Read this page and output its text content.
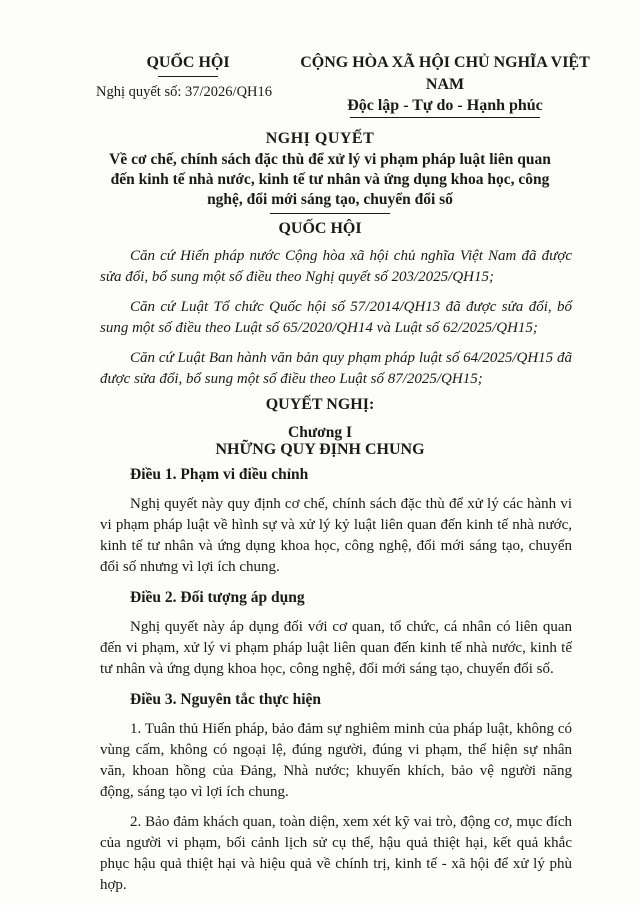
QUỐC HỘI
Nghị quyết số: 37/2026/QH16
CỘNG HÒA XÃ HỘI CHỦ NGHĨA VIỆT NAM
Độc lập - Tự do - Hạnh phúc
NGHỊ QUYẾT
Về cơ chế, chính sách đặc thù để xử lý vi phạm pháp luật liên quan đến kinh tế nhà nước, kinh tế tư nhân và ứng dụng khoa học, công nghệ, đổi mới sáng tạo, chuyển đổi số
QUỐC HỘI

Căn cứ Hiến pháp nước Cộng hòa xã hội chủ nghĩa Việt Nam đã được sửa đổi, bổ sung một số điều theo Nghị quyết số 203/2025/QH15;

Căn cứ Luật Tổ chức Quốc hội số 57/2014/QH13 đã được sửa đổi, bổ sung một số điều theo Luật số 65/2020/QH14 và Luật số 62/2025/QH15;

Căn cứ Luật Ban hành văn bản quy phạm pháp luật số 64/2025/QH15 đã được sửa đổi, bổ sung một số điều theo Luật số 87/2025/QH15;

QUYẾT NGHỊ:
Chương I
NHỮNG QUY ĐỊNH CHUNG

Điều 1. Phạm vi điều chỉnh

Nghị quyết này quy định cơ chế, chính sách đặc thù để xử lý các hành vi vi phạm pháp luật về hình sự và xử lý kỷ luật liên quan đến kinh tế nhà nước, kinh tế tư nhân và ứng dụng khoa học, công nghệ, đổi mới sáng tạo, chuyển đổi số nhưng vì lợi ích chung.

Điều 2. Đối tượng áp dụng

Nghị quyết này áp dụng đối với cơ quan, tổ chức, cá nhân có liên quan đến vi phạm, xử lý vi phạm pháp luật liên quan đến kinh tế nhà nước, kinh tế tư nhân và ứng dụng khoa học, công nghệ, đổi mới sáng tạo, chuyển đổi số.

Điều 3. Nguyên tắc thực hiện

1. Tuân thủ Hiến pháp, bảo đảm sự nghiêm minh của pháp luật, không có vùng cấm, không có ngoại lệ, đúng người, đúng vi phạm, thể hiện sự nhân văn, khoan hồng của Đảng, Nhà nước; khuyến khích, bảo vệ người năng động, sáng tạo vì lợi ích chung.

2. Bảo đảm khách quan, toàn diện, xem xét kỹ vai trò, động cơ, mục đích của người vi phạm, bối cảnh lịch sử cụ thể, hậu quả thiệt hại, kết quả khắc phục hậu quả thiệt hại và hiệu quả về chính trị, kinh tế - xã hội để xử lý phù hợp.
